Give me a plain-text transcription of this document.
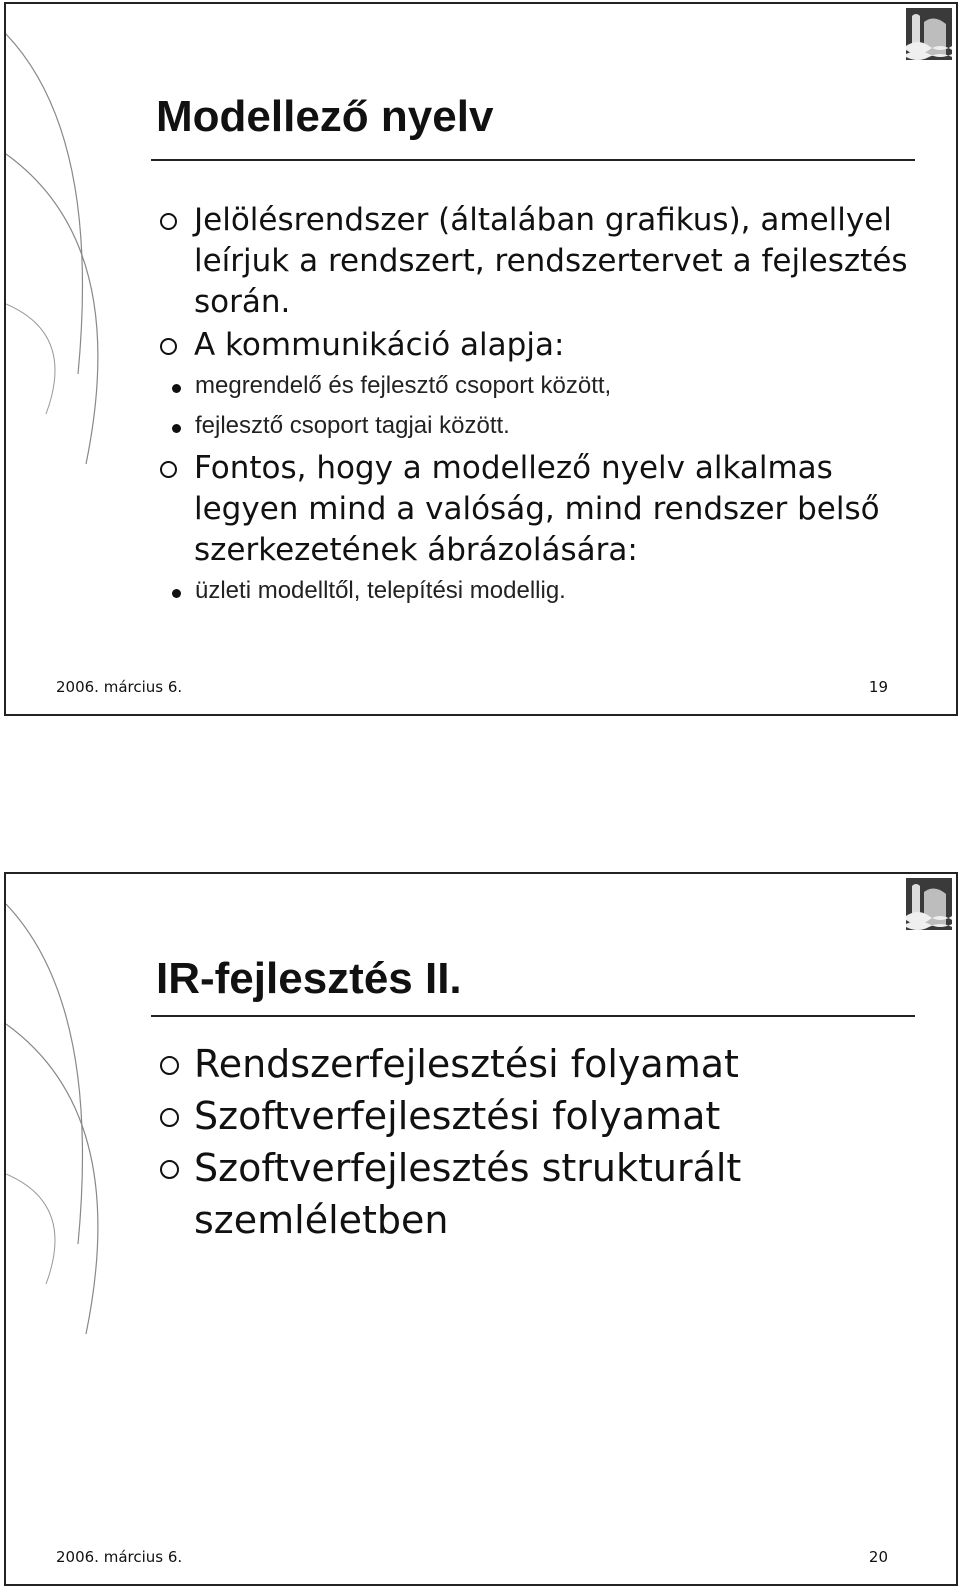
Modellező nyelv
Jelölésrendszer (általában grafikus), amellyel leírjuk a rendszert, rendszertervet a fejlesztés során.
A kommunikáció alapja:
megrendelő és fejlesztő csoport között,
fejlesztő csoport tagjai között.
Fontos, hogy a modellező nyelv alkalmas legyen mind a valóság, mind rendszer belső szerkezetének ábrázolására:
üzleti modelltől, telepítési modellig.
2006. március 6.	19
IR-fejlesztés II.
Rendszerfejlesztési folyamat
Szoftverfejlesztési folyamat
Szoftverfejlesztés strukturált szemléletben
2006. március 6.	20
